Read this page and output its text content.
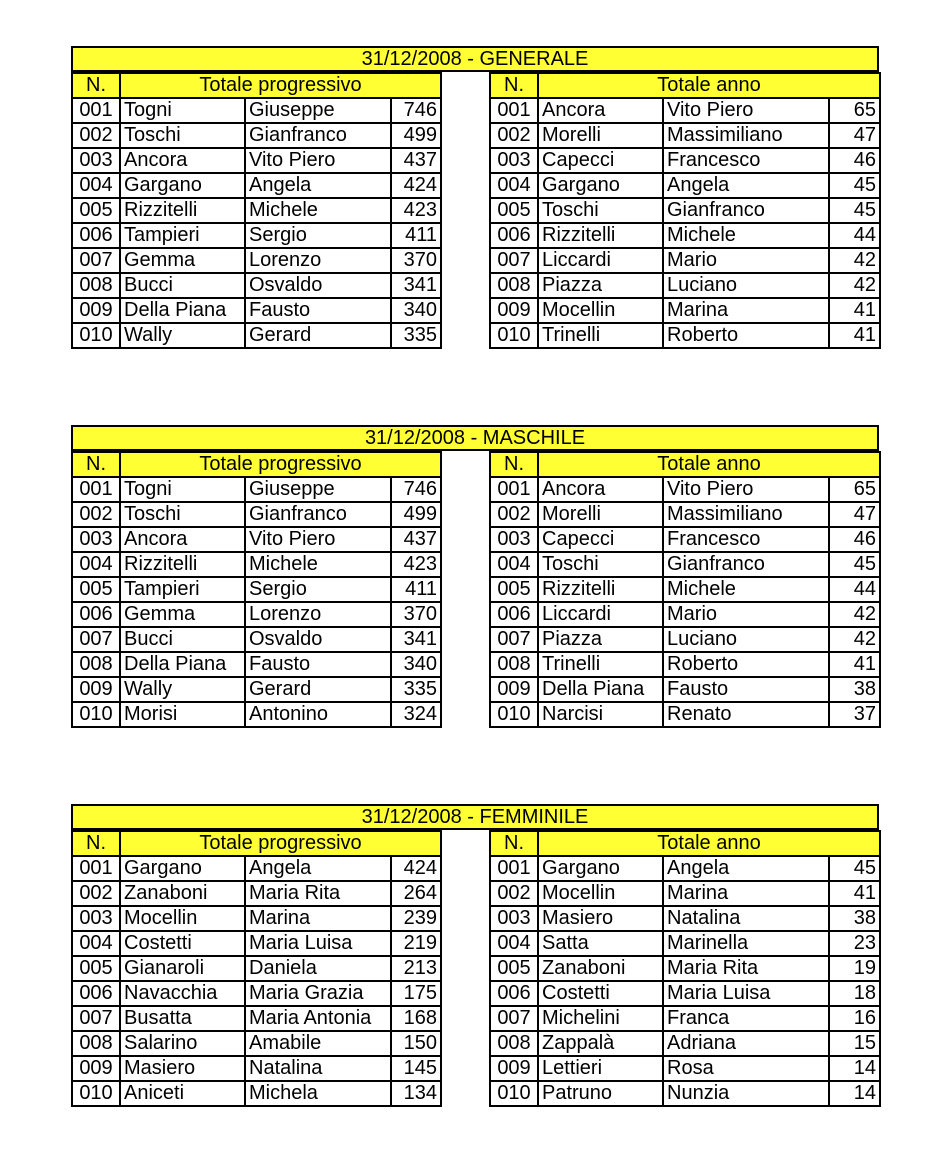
31/12/2008 - GENERALE
N.	Totale progressivo		
001	Togni	Giuseppe	746
002	Toschi	Gianfranco	499
003	Ancora	Vito Piero	437
004	Gargano	Angela	424
005	Rizzitelli	Michele	423
006	Tampieri	Sergio	411
007	Gemma	Lorenzo	370
008	Bucci	Osvaldo	341
009	Della Piana	Fausto	340
010	Wally	Gerard	335
N.	Totale anno		
001	Ancora	Vito Piero	65
002	Morelli	Massimiliano	47
003	Capecci	Francesco	46
004	Gargano	Angela	45
005	Toschi	Gianfranco	45
006	Rizzitelli	Michele	44
007	Liccardi	Mario	42
008	Piazza	Luciano	42
009	Mocellin	Marina	41
010	Trinelli	Roberto	41
31/12/2008 - MASCHILE
N.	Totale progressivo		
001	Togni	Giuseppe	746
002	Toschi	Gianfranco	499
003	Ancora	Vito Piero	437
004	Rizzitelli	Michele	423
005	Tampieri	Sergio	411
006	Gemma	Lorenzo	370
007	Bucci	Osvaldo	341
008	Della Piana	Fausto	340
009	Wally	Gerard	335
010	Morisi	Antonino	324
N.	Totale anno		
001	Ancora	Vito Piero	65
002	Morelli	Massimiliano	47
003	Capecci	Francesco	46
004	Toschi	Gianfranco	45
005	Rizzitelli	Michele	44
006	Liccardi	Mario	42
007	Piazza	Luciano	42
008	Trinelli	Roberto	41
009	Della Piana	Fausto	38
010	Narcisi	Renato	37
31/12/2008 - FEMMINILE
N.	Totale progressivo		
001	Gargano	Angela	424
002	Zanaboni	Maria Rita	264
003	Mocellin	Marina	239
004	Costetti	Maria Luisa	219
005	Gianaroli	Daniela	213
006	Navacchia	Maria Grazia	175
007	Busatta	Maria Antonia	168
008	Salarino	Amabile	150
009	Masiero	Natalina	145
010	Aniceti	Michela	134
N.	Totale anno		
001	Gargano	Angela	45
002	Mocellin	Marina	41
003	Masiero	Natalina	38
004	Satta	Marinella	23
005	Zanaboni	Maria Rita	19
006	Costetti	Maria Luisa	18
007	Michelini	Franca	16
008	Zappalà	Adriana	15
009	Lettieri	Rosa	14
010	Patruno	Nunzia	14
